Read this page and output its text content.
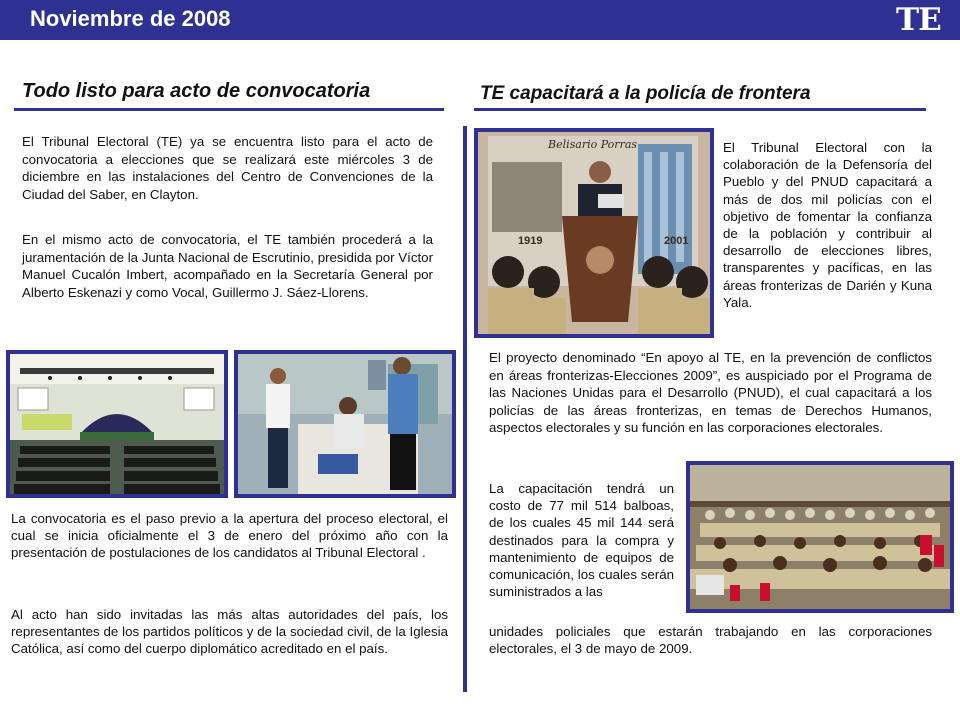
Noviembre de 2008	TE
Todo listo para acto de convocatoria

El Tribunal Electoral (TE) ya se encuentra listo para el acto de convocatoria a elecciones que se realizará este miércoles 3 de diciembre en las instalaciones del Centro de Convenciones de la Ciudad del Saber, en Clayton.

En el mismo acto de convocatoria, el TE también procederá a la juramentación de la Junta Nacional de Escrutinio, presidida por Víctor Manuel Cucalón Imbert, acompañado en la Secretaría General por Alberto Eskenazi y como Vocal, Guillermo J. Sáez-Llorens.

La convocatoria es el paso previo a la apertura del proceso electoral, el cual se inicia oficialmente el 3 de enero del próximo año con la presentación de postulaciones de los candidatos al Tribunal Electoral .

Al acto han sido invitadas las más altas autoridades del país, los representantes de los partidos políticos y de la sociedad civil, de la Iglesia Católica, así como del cuerpo diplomático acreditado en el país.

TE capacitará a la policía de frontera
Belisario Porras
1919	2001

El Tribunal Electoral con la colaboración de la Defensoría del Pueblo y del PNUD capacitará a más de dos mil policías con el objetivo de fomentar la confianza de la población y contribuir al desarrollo de elecciones libres, transparentes y pacíficas, en las áreas fronterizas de Darién y Kuna Yala.

El proyecto denominado “En apoyo al TE, en la prevención de conflictos en áreas fronterizas-Elecciones 2009”, es auspiciado por el Programa de las Naciones Unidas para el Desarrollo (PNUD), el cual capacitará a los policías de las áreas fronterizas, en temas de Derechos Humanos, aspectos electorales y su función en las corporaciones electorales.

La capacitación tendrá un costo de 77 mil 514 balboas, de los cuales 45 mil 144 será destinados para la compra y mantenimiento de equipos de comunicación, los cuales serán suministrados a las

unidades policiales que estarán trabajando en las corporaciones electorales, el 3 de mayo de 2009.
